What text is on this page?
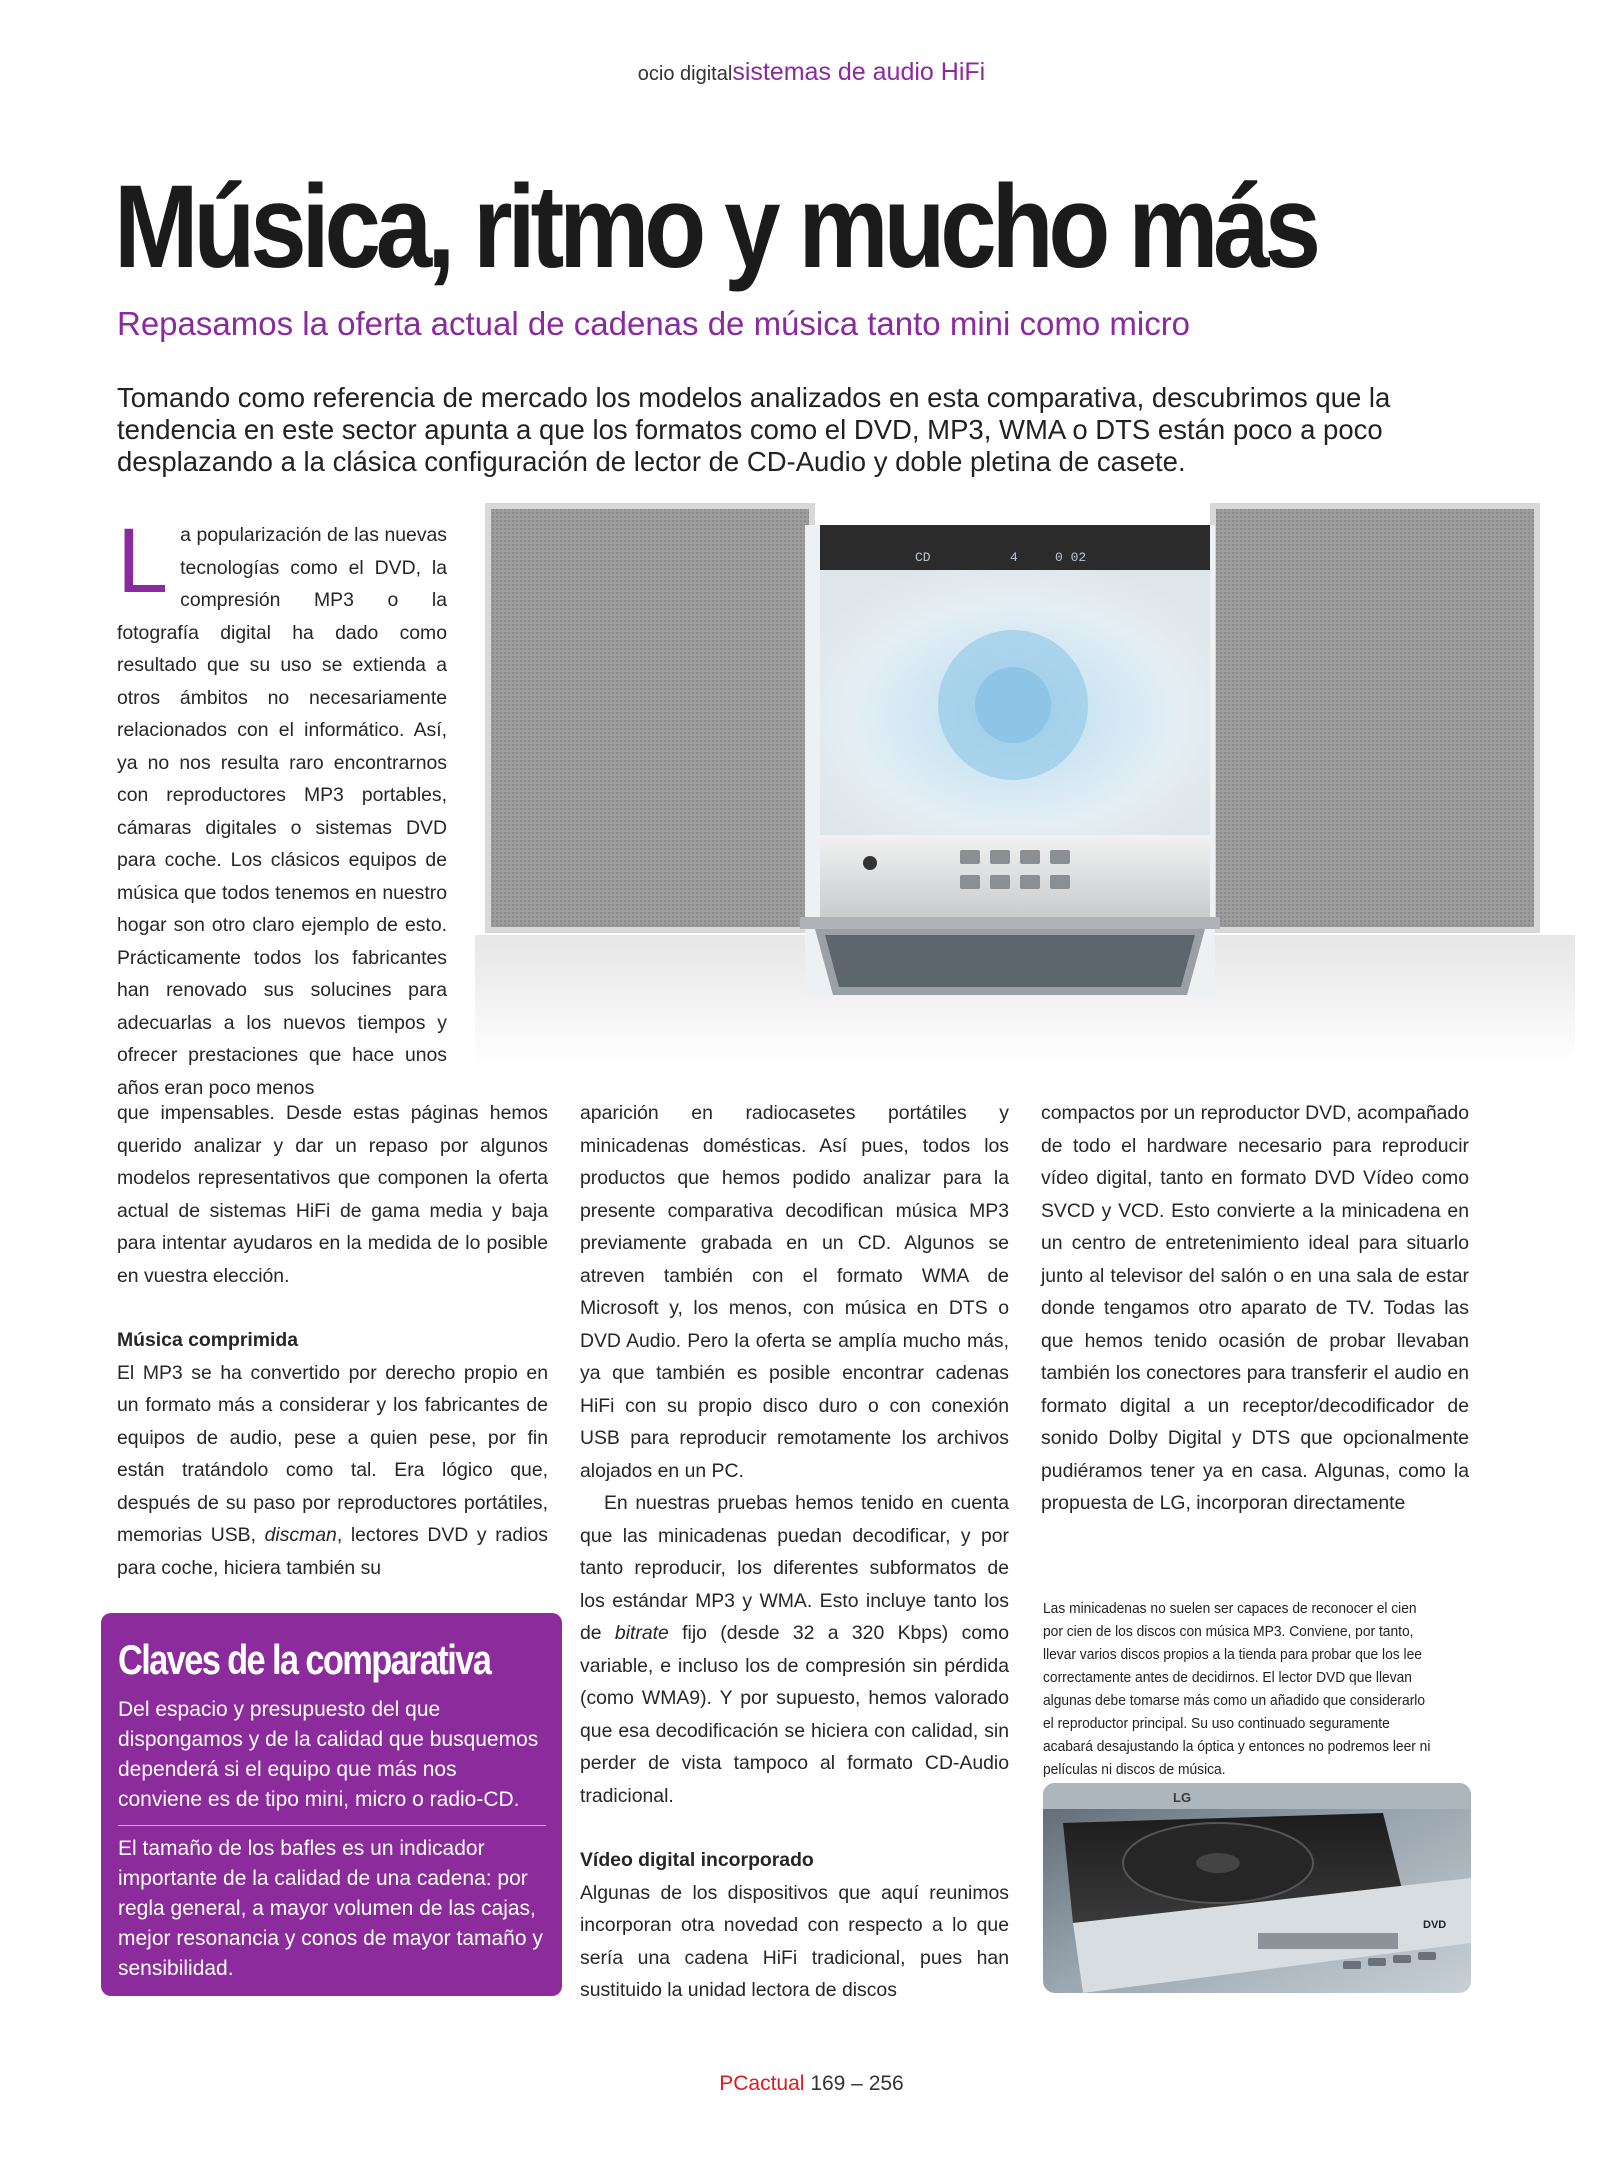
ocio digitalsistemas de audio HiFi
Música, ritmo y mucho más
Repasamos la oferta actual de cadenas de música tanto mini como micro
Tomando como referencia de mercado los modelos analizados en esta comparativa, descubrimos que la tendencia en este sector apunta a que los formatos como el DVD, MP3, WMA o DTS están poco a poco desplazando a la clásica configuración de lector de CD-Audio y doble pletina de casete.
L a popularización de las nuevas tecnologías como el DVD, la compresión MP3 o la fotografía digital ha dado como resultado que su uso se extienda a otros ámbitos no necesariamente relacionados con el informático. Así, ya no nos resulta raro encontrarnos con reproductores MP3 portables, cámaras digitales o sistemas DVD para coche. Los clásicos equipos de música que todos tenemos en nuestro hogar son otro claro ejemplo de esto. Prácticamente todos los fabricantes han renovado sus solucines para adecuarlas a los nuevos tiempos y ofrecer prestaciones que hace unos años eran poco menos
CD	4	0 02

que impensables. Desde estas páginas hemos querido analizar y dar un repaso por algunos modelos representativos que componen la oferta actual de sistemas HiFi de gama media y baja para intentar ayudaros en la medida de lo posible en vuestra elección.

Música comprimida

El MP3 se ha convertido por derecho propio en un formato más a considerar y los fabricantes de equipos de audio, pese a quien pese, por fin están tratándolo como tal. Era lógico que, después de su paso por reproductores portátiles, memorias USB, discman, lectores DVD y radios para coche, hiciera también su

Claves de la comparativa
Del espacio y presupuesto del que dispongamos y de la calidad que busquemos dependerá si el equipo que más nos conviene es de tipo mini, micro o radio-CD.
El tamaño de los bafles es un indicador importante de la calidad de una cadena: por regla general, a mayor volumen de las cajas, mejor resonancia y conos de mayor tamaño y sensibilidad.

aparición en radiocasetes portátiles y minicadenas domésticas. Así pues, todos los productos que hemos podido analizar para la presente comparativa decodifican música MP3 previamente grabada en un CD. Algunos se atreven también con el formato WMA de Microsoft y, los menos, con música en DTS o DVD Audio. Pero la oferta se amplía mucho más, ya que también es posible encontrar cadenas HiFi con su propio disco duro o con conexión USB para reproducir remotamente los archivos alojados en un PC.

En nuestras pruebas hemos tenido en cuenta que las minicadenas puedan decodificar, y por tanto reproducir, los diferentes subformatos de los estándar MP3 y WMA. Esto incluye tanto los de bitrate fijo (desde 32 a 320 Kbps) como variable, e incluso los de compresión sin pérdida (como WMA9). Y por supuesto, hemos valorado que esa decodificación se hiciera con calidad, sin perder de vista tampoco al formato CD-Audio tradicional.

Vídeo digital incorporado

Algunas de los dispositivos que aquí reunimos incorporan otra novedad con respecto a lo que sería una cadena HiFi tradicional, pues han sustituido la unidad lectora de discos

compactos por un reproductor DVD, acompañado de todo el hardware necesario para reproducir vídeo digital, tanto en formato DVD Vídeo como SVCD y VCD. Esto convierte a la minicadena en un centro de entretenimiento ideal para situarlo junto al televisor del salón o en una sala de estar donde tengamos otro aparato de TV. Todas las que hemos tenido ocasión de probar llevaban también los conectores para transferir el audio en formato digital a un receptor/decodificador de sonido Dolby Digital y DTS que opcionalmente pudiéramos tener ya en casa. Algunas, como la propuesta de LG, incorporan directamente

Las minicadenas no suelen ser capaces de reconocer el cien por cien de los discos con música MP3. Conviene, por tanto, llevar varios discos propios a la tienda para probar que los lee correctamente antes de decidirnos. El lector DVD que llevan algunas debe tomarse más como un añadido que considerarlo el reproductor principal. Su uso continuado seguramente acabará desajustando la óptica y entonces no podremos leer ni películas ni discos de música.
LG
DVD
PCactual 169 – 256
